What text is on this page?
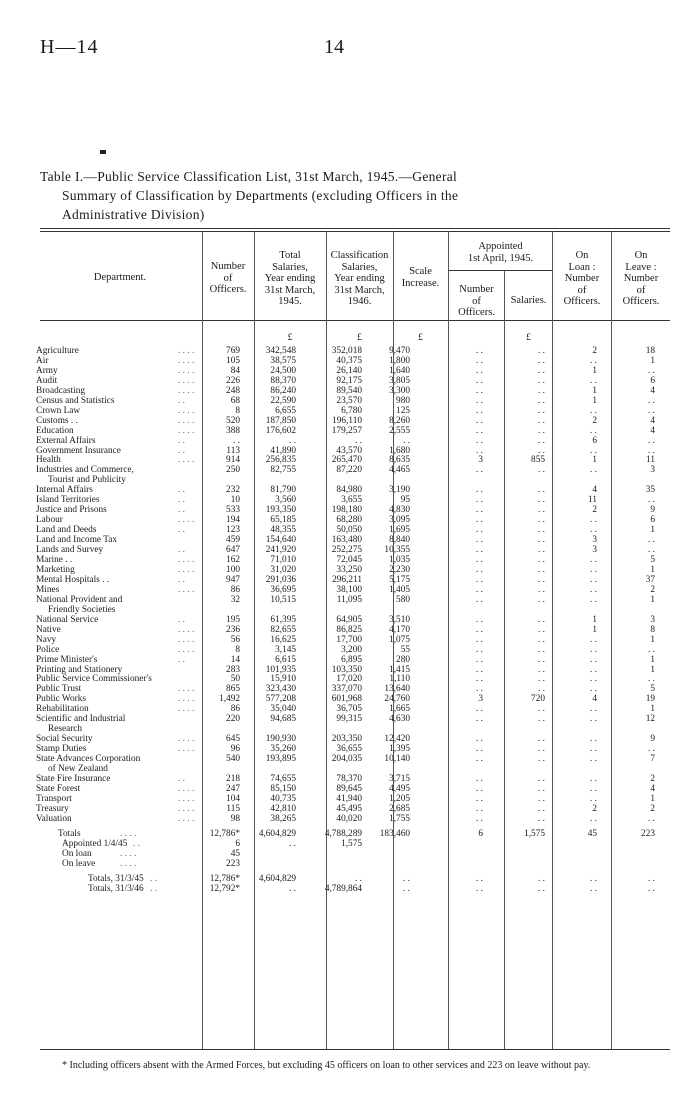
H—14	14
Table I.—Public Service Classification List, 31st March, 1945.—General
Summary of Classification by Departments (excluding Officers in the
Administrative Division)
Department.
Number
of
Officers.
Total
Salaries,
Year ending
31st March,
1945.
Classification
Salaries,
Year ending
31st March,
1946.
Scale
Increase.
Appointed
1st April, 1945.
Number
of
Officers.
Salaries.
On
Loan :
Number
of
Officers.
On
Leave :
Number
of
Officers.
£	£	£	£
Agriculture	. . . .	769	342,548	352,018	9,470	. .	. .	2	18
Air	. . . .	105	38,575	40,375	1,800	. .	. .	. .	1
Army	. . . .	84	24,500	26,140	1,640	. .	. .	1	. .
Audit	. . . .	226	88,370	92,175	3,805	. .	. .	. .	6
Broadcasting	. . . .	248	86,240	89,540	3,300	. .	. .	1	4
Census and Statistics	. .	68	22,590	23,570	980	. .	. .	1	. .
Crown Law	. . . .	8	6,655	6,780	125	. .	. .	. .	. .
Customs . .	. . . .	520	187,850	196,110	8,260	. .	. .	2	4
Education	. . . .	388	176,602	179,257	2,555	. .	. .	. .	4
External Affairs	. .	. .	. .	. .	. .	. .	. .	6	. .
Government Insurance	. .	113	41,890	43,570	1,680	. .	. .	. .	. .
Health	. . . .	914	256,835	265,470	8,635	3	855	1	11
Industries and Commerce,	250	82,755	87,220	4,465	. .	. .	. .	3
Tourist and Publicity
Internal Affairs	. .	232	81,790	84,980	3,190	. .	. .	4	35
Island Territories	. .	10	3,560	3,655	95	. .	. .	11	. .
Justice and Prisons	. .	533	193,350	198,180	4,830	. .	. .	2	9
Labour	. . . .	194	65,185	68,280	3,095	. .	. .	. .	6
Land and Deeds	. .	123	48,355	50,050	1,695	. .	. .	. .	1
Land and Income Tax	459	154,640	163,480	8,840	. .	. .	3	. .
Lands and Survey	. .	647	241,920	252,275 10,355	. .	. .	3	. .
Marine . .	. . . .	162	71,010	72,045	1,035	. .	. .	. .	5
Marketing	. . . .	100	31,020	33,250	2,230	. .	. .	. .	1
Mental Hospitals . .	. .	947	291,036	296,211	5,175	. .	. .	. .	37
Mines	. . . .	86	36,695	38,100	1,405	. .	. .	. .	2
National Provident and	32	10,515	11,095	580	. .	. .	. .	1
Friendly Societies
National Service	. .	195	61,395	64,905	3,510	. .	. .	1	3
Native	. . . .	236	82,655	86,825	4,170	. .	. .	1	8
Navy	. . . .	56	16,625	17,700	1,075	. .	. .	. .	1
Police	. . . .	8	3,145	3,200	55	. .	. .	. .	. .
Prime Minister's	. .	14	6,615	6,895	280	. .	. .	. .	1
Printing and Stationery	283	101,935	103,350	1,415	. .	. .	. .	1
Public Service Commissioner's	50	15,910	17,020	1,110	. .	. .	. .	. .
Public Trust	. . . .	865	323,430	337,070 13,640	. .	. .	. .	5
Public Works	. . . .	1,492	577,208	601,968 24,760	3	720	4	19
Rehabilitation	. . . .	86	35,040	36,705	1,665	. .	. .	. .	1
Scientific and Industrial	220	94,685	99,315	4,630	. .	. .	. .	12
Research
Social Security	. . . .	645	190,930	203,350 12,420	. .	. .	. .	9
Stamp Duties	. . . .	96	35,260	36,655	1,395	. .	. .	. .	. .
State Advances Corporation	540	193,895	204,035 10,140	. .	. .	. .	7
of New Zealand
State Fire Insurance	. .	218	74,655	78,370	3,715	. .	. .	. .	2
State Forest	. . . .	247	85,150	89,645	4,495	. .	. .	. .	4
Transport	. . . .	104	40,735	41,940	1,205	. .	. .	. .	1
Treasury	. . . .	115	42,810	45,495	2,685	. .	. .	2	2
Valuation	. . . .	98	38,265	40,020	1,755	. .	. .	. .	. .
Totals	. . . .	12,786* 4,604,829	4,788,289 183,460	6	1,575	45	223
Appointed 1/4/45 . .	6	. .	1,575
On loan	. . . .	45
On leave	. . . .	223
Totals, 31/3/45 . .	12,786* 4,604,829	. .	. .	. .	. .	. .	. .
Totals, 31/3/46 . .	12,792*	. .	4,789,864	. .	. .	. .	. .	. .
* Including officers absent with the Armed Forces, but excluding 45 officers on loan to other services and 223 on leave without pay.
